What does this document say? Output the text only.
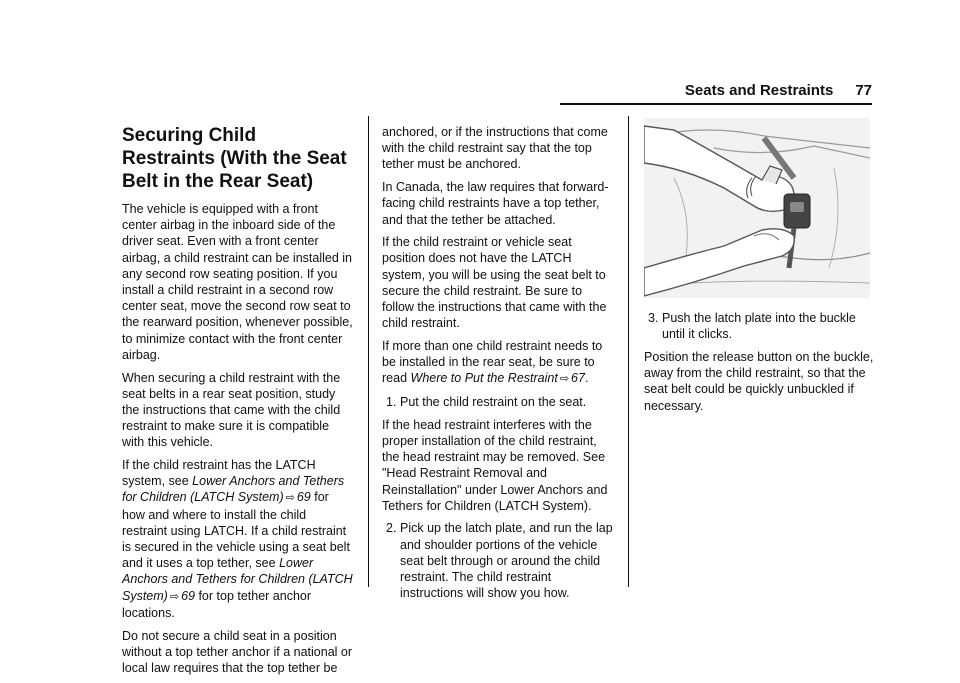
Seats and Restraints 77
Securing Child Restraints (With the Seat Belt in the Rear Seat)

The vehicle is equipped with a front center airbag in the inboard side of the driver seat. Even with a front center airbag, a child restraint can be installed in any second row seating position. If you install a child restraint in a second row center seat, move the second row seat to the rearward position, whenever possible, to minimize contact with the front center airbag.

When securing a child restraint with the seat belts in a rear seat position, study the instructions that came with the child restraint to make sure it is compatible with this vehicle.

If the child restraint has the LATCH system, see Lower Anchors and Tethers for Children (LATCH System) ⇨ 69 for how and where to install the child restraint using LATCH. If a child restraint is secured in the vehicle using a seat belt and it uses a top tether, see Lower Anchors and Tethers for Children (LATCH System) ⇨ 69 for top tether anchor locations.

Do not secure a child seat in a position without a top tether anchor if a national or local law requires that the top tether be

anchored, or if the instructions that come with the child restraint say that the top tether must be anchored.

In Canada, the law requires that forward-facing child restraints have a top tether, and that the tether be attached.

If the child restraint or vehicle seat position does not have the LATCH system, you will be using the seat belt to secure the child restraint. Be sure to follow the instructions that came with the child restraint.

If more than one child restraint needs to be installed in the rear seat, be sure to read Where to Put the Restraint ⇨ 67.

1. Put the child restraint on the seat.

If the head restraint interferes with the proper installation of the child restraint, the head restraint may be removed. See "Head Restraint Removal and Reinstallation" under Lower Anchors and Tethers for Children (LATCH System).

2. Pick up the latch plate, and run the lap and shoulder portions of the vehicle seat belt through or around the child restraint. The child restraint instructions will show you how.

3. Push the latch plate into the buckle until it clicks.

Position the release button on the buckle, away from the child restraint, so that the seat belt could be quickly unbuckled if necessary.
